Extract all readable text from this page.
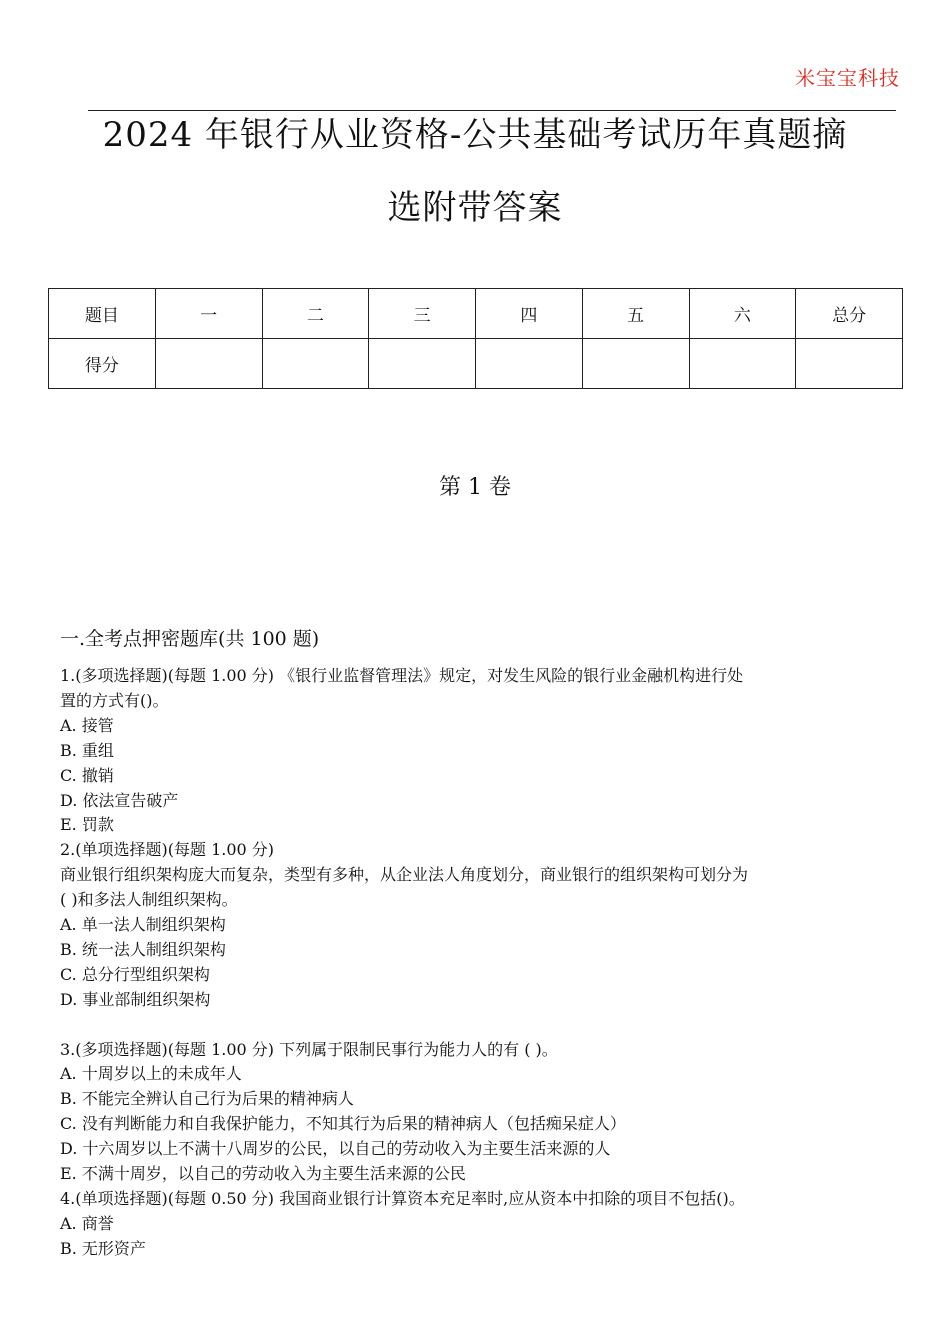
米宝宝科技
2024 年银行从业资格-公共基础考试历年真题摘
选附带答案
题目	一	二	三	四	五	六	总分
得分							
第 1 卷
一.全考点押密题库(共 100 题)
1.(多项选择题)(每题 1.00 分) 《银行业监督管理法》规定，对发生风险的银行业金融机构进行处
置的方式有()。
A. 接管
B. 重组
C. 撤销
D. 依法宣告破产
E. 罚款
2.(单项选择题)(每题 1.00 分)
商业银行组织架构庞大而复杂，类型有多种，从企业法人角度划分，商业银行的组织架构可划分为
( )和多法人制组织架构。
A. 单一法人制组织架构
B. 统一法人制组织架构
C. 总分行型组织架构
D. 事业部制组织架构
3.(多项选择题)(每题 1.00 分) 下列属于限制民事行为能力人的有 ( )。
A. 十周岁以上的未成年人
B. 不能完全辨认自己行为后果的精神病人
C. 没有判断能力和自我保护能力，不知其行为后果的精神病人（包括痴呆症人）
D. 十六周岁以上不满十八周岁的公民，以自己的劳动收入为主要生活来源的人
E. 不满十周岁，以自己的劳动收入为主要生活来源的公民
4.(单项选择题)(每题 0.50 分) 我国商业银行计算资本充足率时,应从资本中扣除的项目不包括()。
A. 商誉
B. 无形资产
